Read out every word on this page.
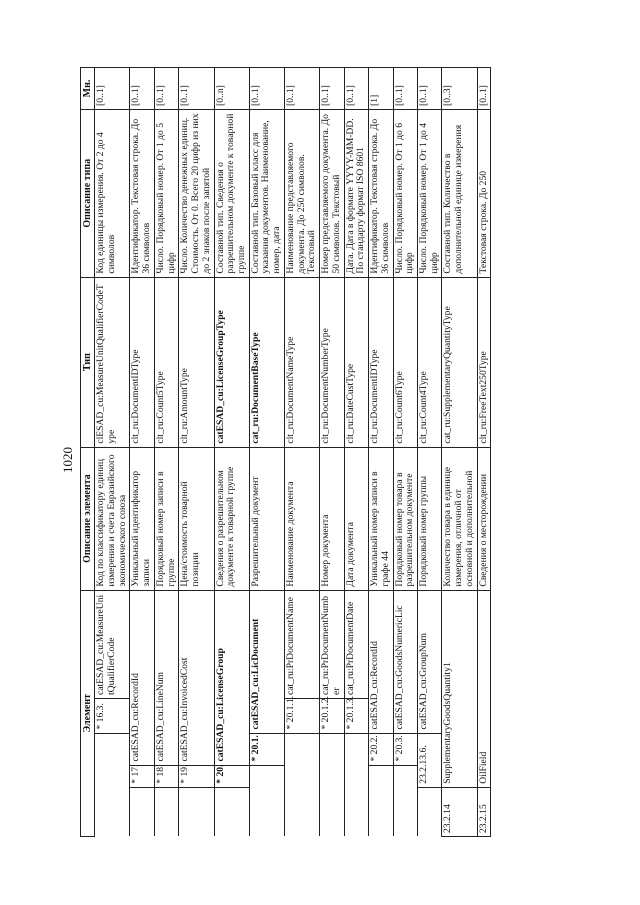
1020
Элемент					Описание элемента	Тип	Описание типа	Мн.
			* 16.3.	catESAD_cu:MeasureUnitQualifierCode	Код по классификатору единиц измерения и счета Евразийского экономического союза	clESAD_cu:MeasureUnitQualifierCodeType	Код единицы измерения. От 2 до 4 символов	[0..1]
	* 17.	catESAD_cu:RecordId			Уникальный идентификатор записи	clt_ru:DocumentIDType	Идентификатор. Текстовая строка. До 36 символов	[0..1]
	* 18.	catESAD_cu:LineNum			Порядковый номер записи в группе	clt_ru:Count5Type	Число. Порядковый номер. От 1 до 5 цифр	[0..1]
	* 19.	catESAD_cu:InvoicedCost			Цена/стоимость товарной позиции	clt_ru:AmountType	Число. Количество денежных единиц. Стоимость. От 0. Всего 20 цифр из них до 2 знаков после запятой	[0..1]
	* 20.	catESAD_cu:LicenseGroup			Сведения о разрешительном документе к товарной группе	catESAD_cu:LicenseGroupType	Составной тип. Сведения о разрешительном документе к товарной группе	[0..n]
		* 20.1.	catESAD_cu:LicDocument		Разрешительный документ	cat_ru:DocumentBaseType	Составной тип. Базовый класс для указания документов. Наименование, номер, дата	[0..1]
			* 20.1.1.	cat_ru:PrDocumentName	Наименование документа	clt_ru:DocumentNameType	Наименование представляемого документа. До 250 символов. Текстовый	[0..1]
			* 20.1.2.	cat_ru:PrDocumentNumber	Номер документа	clt_ru:DocumentNumberType	Номер представляемого документа. До 50 символов. Текстовый	[0..1]
			* 20.1.3.	cat_ru:PrDocumentDate	Дата документа	clt_ru:DateCustType	Дата. Дата в формате YYYY-MM-DD. По стандарту формат ISO 8601	[0..1]
		* 20.2.	catESAD_cu:RecordId		Уникальный номер записи в графе 44	clt_ru:DocumentIDType	Идентификатор. Текстовая строка. До 36 символов	[1]
		* 20.3.	catESAD_cu:GoodsNumericLic		Порядковый номер товара в разрешительном документе	clt_ru:Count6Type	Число. Порядковый номер. От 1 до 6 цифр	[0..1]
	23.2.13.6.		catESAD_cu:GroupNum		Порядковый номер группы	clt_ru:Count4Type	Число. Порядковый номер. От 1 до 4 цифр	[0..1]
23.2.14	SupplementaryGoodsQuantity1				Количество товара в единице измерения, отличной от основной и дополнительной	cat_ru:SupplementaryQuantityType	Составной тип. Количество в дополнительной единице измерения	[0..3]
23.2.15	OilField				Сведения о месторождении	clt_ru:FreeText250Type	Текстовая строка. До 250	[0..1]
